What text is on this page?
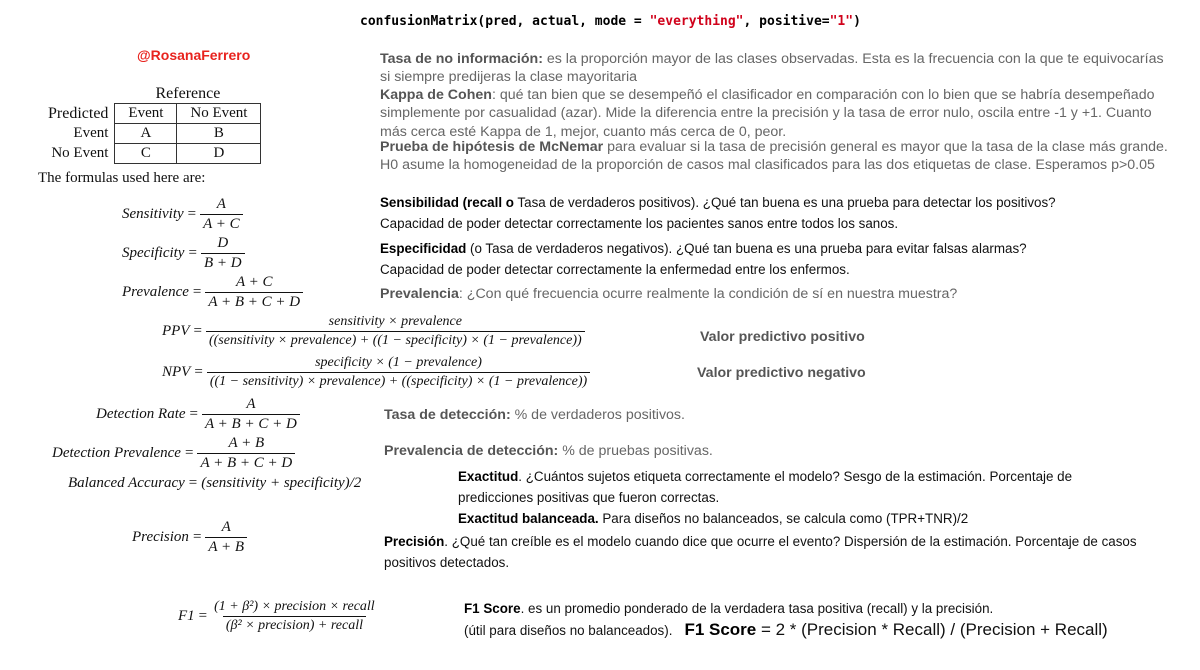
confusionMatrix(pred, actual, mode = "everything", positive="1")
@RosanaFerrero
	Reference	
Predicted	Event	No Event
Event	A	B
No Event	C	D
The formulas used here are:
Sensitivity = $\frac{A}{A + C}$
Specificity = $\frac{D}{B + D}$
Prevalence = $\frac{A + C}{A + B + C + D}$
PPV =
sensitivity × prevalence
((sensitivity × prevalence) + ((1 − specificity) × (1 − prevalence))
NPV =
specificity × (1 − prevalence)
((1 − sensitivity) × prevalence) + ((specificity) × (1 − prevalence))
Detection Rate = $\frac{A}{A + B + C + D}$
Detection Prevalence = $\frac{A + B}{A + B + C + D}$
Balanced Accuracy = (sensitivity + specificity)/2
Precision = $\frac{A}{A + B}$
$F1 = \frac{\text{(1 + β²) × precision × recall}}{\text{(β² × precision) + recall}}$
Tasa de no información: es la proporción mayor de las clases observadas. Esta es la frecuencia con la que te equivocarías si siempre predijeras la clase mayoritaria
Kappa de Cohen: qué tan bien que se desempeñó el clasificador en comparación con lo bien que se habría desempeñado simplemente por casualidad (azar). Mide la diferencia entre la precisión y la tasa de error nulo, oscila entre -1 y +1. Cuanto más cerca esté Kappa de 1, mejor, cuanto más cerca de 0, peor.
Prueba de hipótesis de McNemar para evaluar si la tasa de precisión general es mayor que la tasa de la clase más grande. H0 asume la homogeneidad de la proporción de casos mal clasificados para las dos etiquetas de clase. Esperamos p>0.05
Sensibilidad (recall o Tasa de verdaderos positivos). ¿Qué tan buena es una prueba para detectar los positivos?
Capacidad de poder detectar correctamente los pacientes sanos entre todos los sanos.
Especificidad (o Tasa de verdaderos negativos). ¿Qué tan buena es una prueba para evitar falsas alarmas?
Capacidad de poder detectar correctamente la enfermedad entre los enfermos.
Prevalencia: ¿Con qué frecuencia ocurre realmente la condición de sí en nuestra muestra?
Valor predictivo positivo
Valor predictivo negativo
Tasa de detección: % de verdaderos positivos.
Prevalencia de detección: % de pruebas positivas.
Exactitud. ¿Cuántos sujetos etiqueta correctamente el modelo? Sesgo de la estimación. Porcentaje de
predicciones positivas que fueron correctas.
Exactitud balanceada. Para diseños no balanceados, se calcula como (TPR+TNR)/2
Precisión. ¿Qué tan creíble es el modelo cuando dice que ocurre el evento? Dispersión de la estimación. Porcentaje de casos
positivos detectados.
F1 Score. es un promedio ponderado de la verdadera tasa positiva (recall) y la precisión.
(útil para diseños no balanceados). F1 Score = 2 * (Precision * Recall) / (Precision + Recall)
